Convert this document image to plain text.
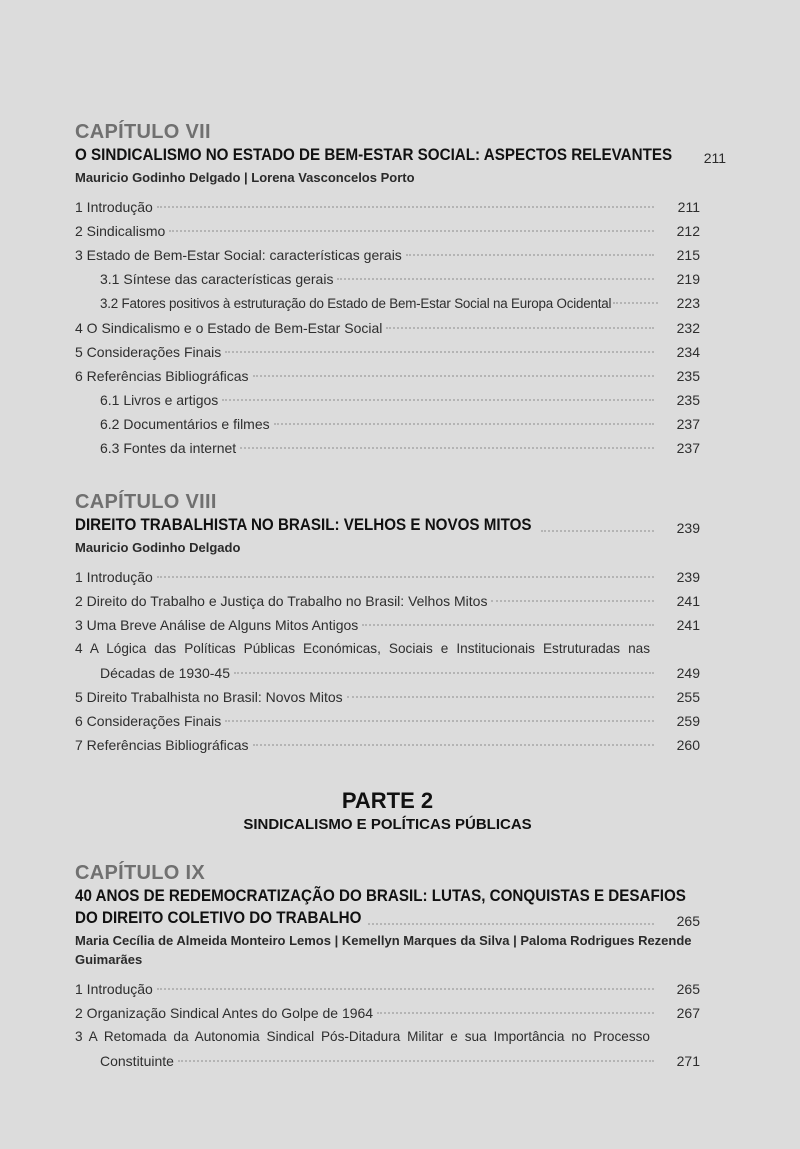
CAPÍTULO VII
O SINDICALISMO NO ESTADO DE BEM-ESTAR SOCIAL: ASPECTOS RELEVANTES	211
Mauricio Godinho Delgado | Lorena Vasconcelos Porto
1 Introdução	211
2 Sindicalismo	212
3 Estado de Bem-Estar Social: características gerais	215
3.1 Síntese das características gerais	219
3.2 Fatores positivos à estruturação do Estado de Bem-Estar Social na Europa Ocidental	223
4 O Sindicalismo e o Estado de Bem-Estar Social	232
5 Considerações Finais	234
6 Referências Bibliográficas	235
6.1 Livros e artigos	235
6.2 Documentários e filmes	237
6.3 Fontes da internet	237
CAPÍTULO VIII
DIREITO TRABALHISTA NO BRASIL: VELHOS E NOVOS MITOS	239
Mauricio Godinho Delgado
1 Introdução	239
2 Direito do Trabalho e Justiça do Trabalho no Brasil: Velhos Mitos	241
3 Uma Breve Análise de Alguns Mitos Antigos	241
4 A Lógica das Políticas Públicas Económicas, Sociais e Institucionais Estruturadas nas
Décadas de 1930-45	249
5 Direito Trabalhista no Brasil: Novos Mitos	255
6 Considerações Finais	259
7 Referências Bibliográficas	260
PARTE 2
SINDICALISMO E POLÍTICAS PÚBLICAS
CAPÍTULO IX
40 ANOS DE REDEMOCRATIZAÇÃO DO BRASIL: LUTAS, CONQUISTAS E DESAFIOS
DO DIREITO COLETIVO DO TRABALHO	265
Maria Cecília de Almeida Monteiro Lemos | Kemellyn Marques da Silva | Paloma Rodrigues Rezende Guimarães
1 Introdução	265
2 Organização Sindical Antes do Golpe de 1964	267
3 A Retomada da Autonomia Sindical Pós-Ditadura Militar e sua Importância no Processo
Constituinte	271
